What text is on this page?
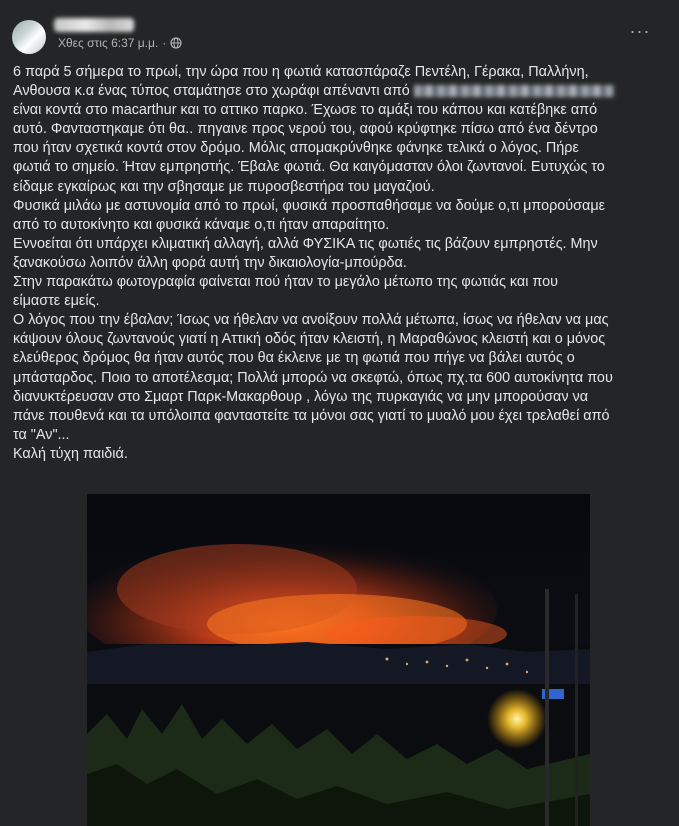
Χθες στις 6:37 μ.μ. ·
···
6 παρά 5 σήμερα το πρωί, την ώρα που η φωτιά κατασπάραζε Πεντέλη, Γέρακα, Παλλήνη,
Ανθουσα κ.α ένας τύπος σταμάτησε στο χωράφι απέναντι από
είναι κοντά στο macarthur και το αττικο παρκο. Έχωσε το αμάξι του κάπου και κατέβηκε από
αυτό. Φανταστηκαμε ότι θα.. πηγαινε προς νερού του, αφού κρύφτηκε πίσω από ένα δέντρο
που ήταν σχετικά κοντά στον δρόμο. Μόλις απομακρύνθηκε φάνηκε τελικά ο λόγος. Πήρε
φωτιά το σημείο. Ήταν εμπρηστής. Έβαλε φωτιά. Θα καιγόμασταν όλοι ζωντανοί. Ευτυχώς το
είδαμε εγκαίρως και την σβησαμε με πυροσβεστήρα του μαγαζιού.
Φυσικά μιλάω με αστυνομία από το πρωί, φυσικά προσπαθήσαμε να δούμε ο,τι μπορούσαμε
από το αυτοκίνητο και φυσικά κάναμε ο,τι ήταν απαραίτητο.
Εννοείται ότι υπάρχει κλιματική αλλαγή, αλλά ΦΥΣΙΚΑ τις φωτιές τις βάζουν εμπρηστές. Μην
ξανακούσω λοιπόν άλλη φορά αυτή την δικαιολογία-μπούρδα.
Στην παρακάτω φωτογραφία φαίνεται πού ήταν το μεγάλο μέτωπο της φωτιάς και που
είμαστε εμείς.
Ο λόγος που την έβαλαν; Ίσως να ήθελαν να ανοίξουν πολλά μέτωπα, ίσως να ήθελαν να μας
κάψουν όλους ζωντανούς γιατί η Αττική οδός ήταν κλειστή, η Μαραθώνος κλειστή και ο μόνος
ελεύθερος δρόμος θα ήταν αυτός που θα έκλεινε με τη φωτιά που πήγε να βάλει αυτός ο
μπάσταρδος. Ποιο το αποτέλεσμα; Πολλά μπορώ να σκεφτώ, όπως πχ.τα 600 αυτοκίνητα που
διανυκτέρευσαν στο Σμαρτ Παρκ-Μακαρθουρ , λόγω της πυρκαγιάς να μην μπορούσαν να
πάνε πουθενά και τα υπόλοιπα φανταστείτε τα μόνοι σας γιατί το μυαλό μου έχει τρελαθεί από
τα "Αν"...
Καλή τύχη παιδιά.
